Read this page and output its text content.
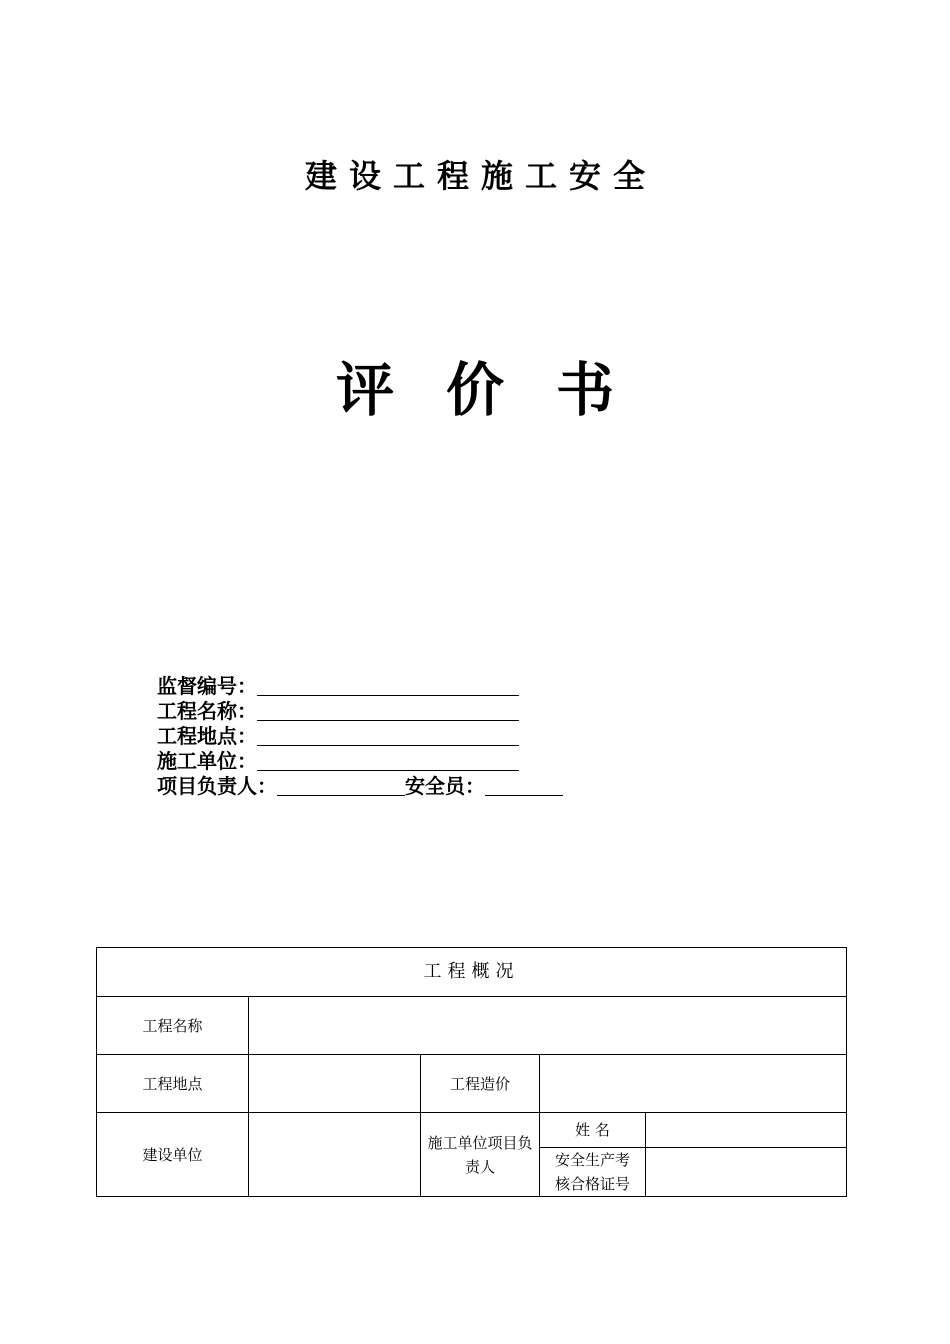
建设工程施工安全
评价书
监督编号：
工程名称：
工程地点：
施工单位：
项目负责人：	安全员：
工程概况				
工程名称				
工程地点		工程造价		
建设单位		施工单位项目负责人	姓 名	
			安全生产考核合格证号	
